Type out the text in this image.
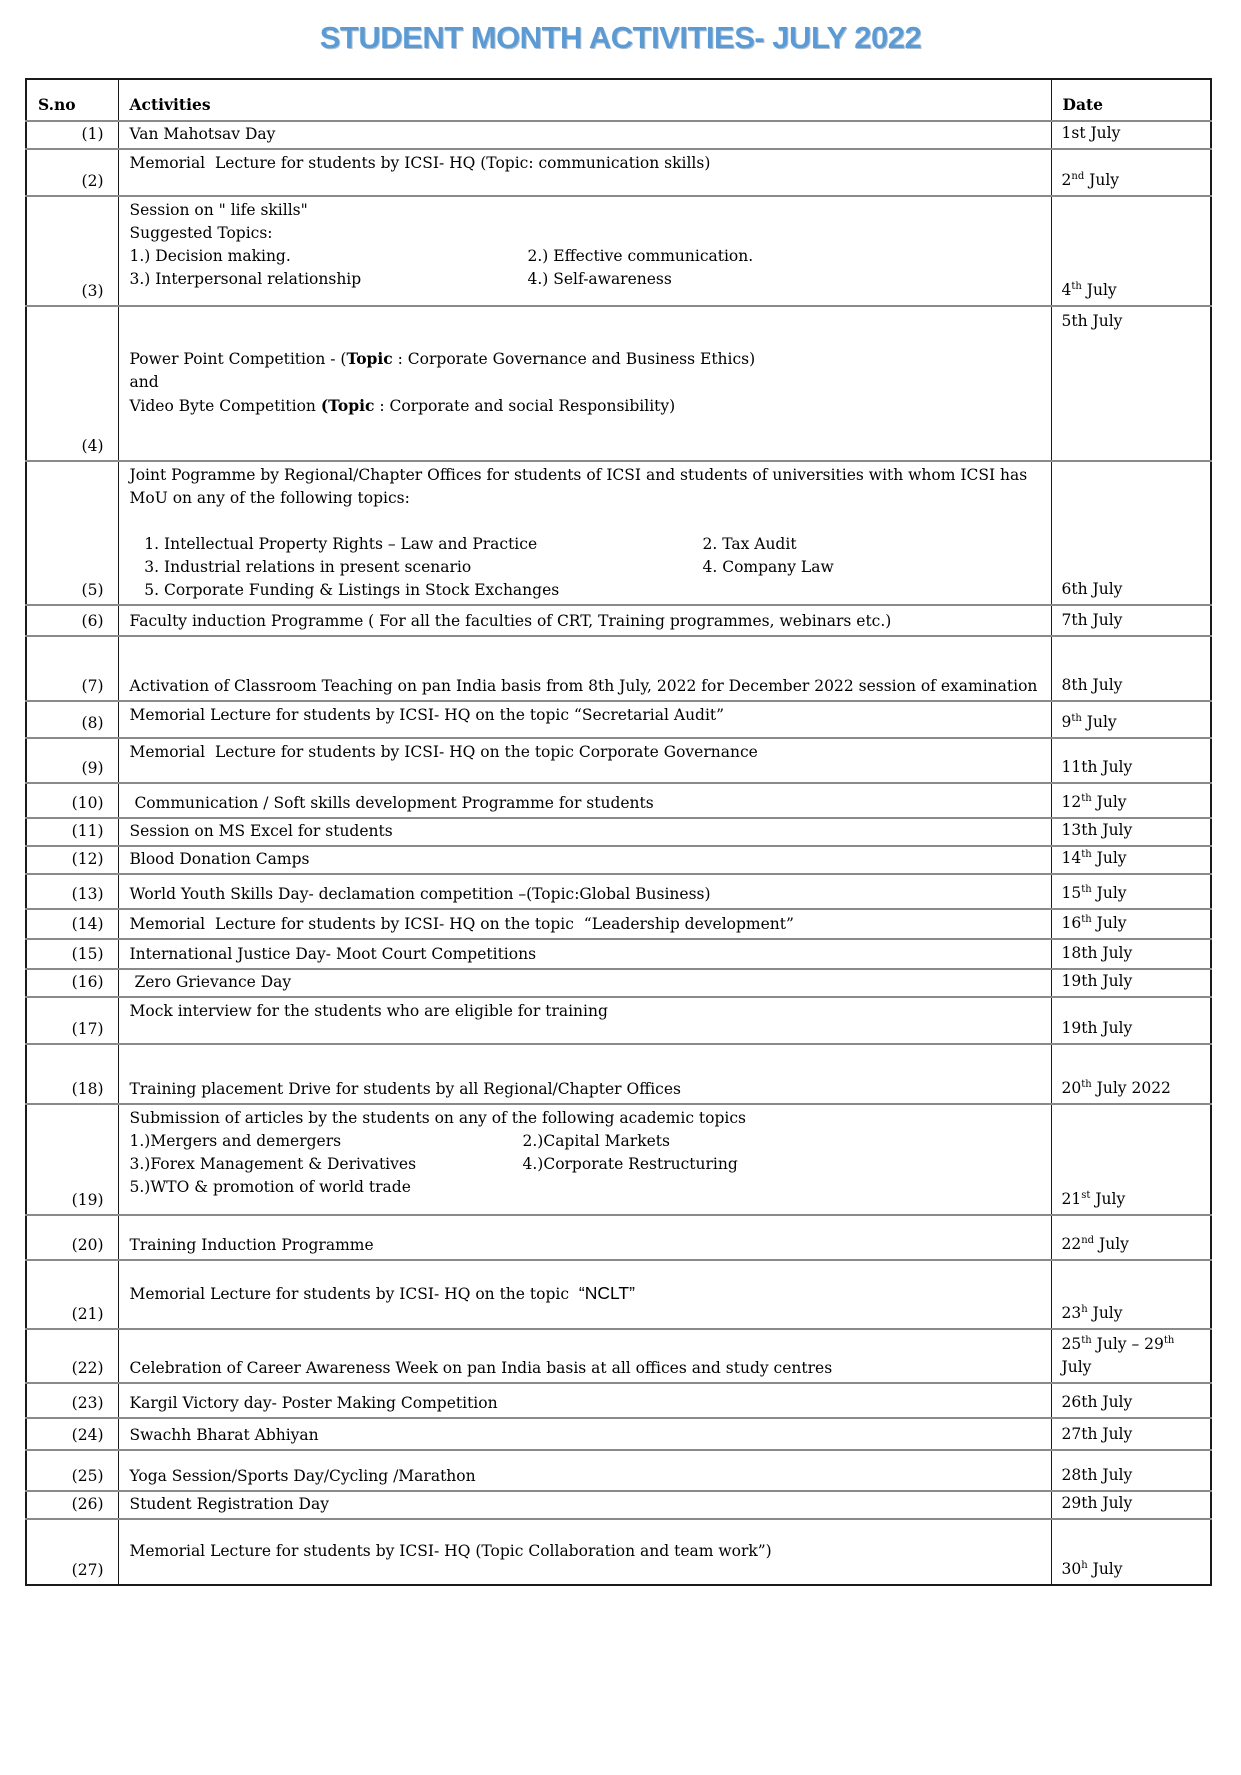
STUDENT MONTH ACTIVITIES- JULY 2022
S.no	Activities	Date
(1)	Van Mahotsav Day	1st July
(2)	Memorial  Lecture for students by ICSI- HQ (Topic: communication skills)	2nd July
(3)	
Session on " life skills"
Suggested Topics:
1.) Decision making.	2.) Effective communication.
3.) Interpersonal relationship	4.) Self-awareness
	4th July
(4)	Power Point Competition - (Topic : Corporate Governance and Business Ethics)
and
Video Byte Competition (Topic : Corporate and social Responsibility)	5th July
(5)	
Joint Pogramme by Regional/Chapter Offices for students of ICSI and students of universities with whom ICSI has MoU on any of the following topics:

1. Intellectual Property Rights – Law and Practice	2. Tax Audit
3. Industrial relations in present scenario	4. Company Law
5. Corporate Funding & Listings in Stock Exchanges	6th July
(6)	Faculty induction Programme ( For all the faculties of CRT, Training programmes, webinars etc.)	7th July
(7)	Activation of Classroom Teaching on pan India basis from 8th July, 2022 for December 2022 session of examination	8th July
(8)	Memorial Lecture for students by ICSI- HQ on the topic “Secretarial Audit”	9th July
(9)	Memorial  Lecture for students by ICSI- HQ on the topic Corporate Governance	11th July
(10)	Communication / Soft skills development Programme for students	12th July
(11)	Session on MS Excel for students	13th July
(12)	Blood Donation Camps	14th July
(13)	World Youth Skills Day- declamation competition –(Topic:Global Business)	15th July
(14)	Memorial  Lecture for students by ICSI- HQ on the topic  “Leadership development”	16th July
(15)	International Justice Day- Moot Court Competitions	18th July
(16)	Zero Grievance Day	19th July
(17)	Mock interview for the students who are eligible for training	19th July
(18)	Training placement Drive for students by all Regional/Chapter Offices	20th July 2022
(19)	
Submission of articles by the students on any of the following academic topics
1.)Mergers and demergers	2.)Capital Markets
3.)Forex Management & Derivatives	4.)Corporate Restructuring
5.)WTO & promotion of world trade
	21st July
(20)	Training Induction Programme	22nd July
(21)	Memorial Lecture for students by ICSI- HQ on the topic  “NCLT”	23$^h$ July
(22)	Celebration of Career Awareness Week on pan India basis at all offices and study centres	25th July – 29th July
(23)	Kargil Victory day- Poster Making Competition	26th July
(24)	Swachh Bharat Abhiyan	27th July
(25)	Yoga Session/Sports Day/Cycling /Marathon	28th July
(26)	Student Registration Day	29th July
(27)	Memorial Lecture for students by ICSI- HQ (Topic Collaboration and team work”)	30$^h$ July
